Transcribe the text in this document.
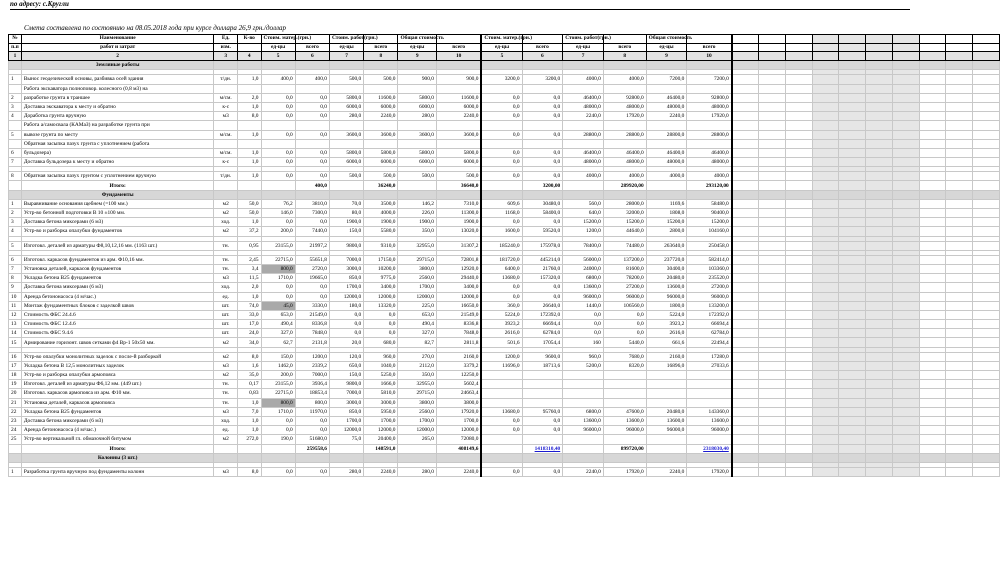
по адресу: с.Кругли
Смета составлена по состоянию на 08.05.2018 года при курсе доллара 26,9 грн./доллар
№	Наименование	Ед.	К-во	Стоим. матер.(грн.)		Стоим. работ(грн.)		Общая стоимость		Стоим. матер.(грн.)		Стоим. работ(грн.)		Общая стоимость											
п.п	работ и затрат	изм.		ед-цы	всего	ед-цы	всего	ед-цы	всего	ед-цы	всего	ед-цы	всего	ед-цы	всего										
1	2	3	4	5	6	7	8	9	10	5	6	7	8	9	10										
	Земляные работы																								

1	Вынос геодезической основы, разбивка осей здания	т/дн.	1,0	400,0	400,0	500,0	500,0	900,0	900,0	3200,0	3200,0	4000,0	4000,0	7200,0	7200,0										
	Работа экскаватора полноповор. колесного (0,8 м3) на																								
2	разработке грунта в траншее	м/см.	2,0	0,0	0,0	5800,0	11600,0	5800,0	11600,0	0,0	0,0	46400,0	92800,0	46400,0	92800,0										
3	Доставка экскаватора к месту и обратно	к-с	1,0	0,0	0,0	6000,0	6000,0	6000,0	6000,0	0,0	0,0	48000,0	48000,0	48000,0	48000,0										
4	Доработка грунта вручную	м3	8,0	0,0	0,0	280,0	2240,0	280,0	2240,0	0,0	0,0	2240,0	17920,0	2240,0	17920,0										
	Работа а/самосвала (КАМаЗ) на разработке грунта при																								
5	вывозе грунта по месту	м/см.	1,0	0,0	0,0	3600,0	3600,0	3600,0	3600,0	0,0	0,0	28800,0	28800,0	28800,0	28800,0										
	Обратная засыпка пазух грунта с уплотнением (работа																								
6	бульдозера)	м/см.	1,0	0,0	0,0	5800,0	5800,0	5800,0	5800,0	0,0	0,0	46400,0	46400,0	46400,0	46400,0										
7	Доставка бульдозера к месту и обратно	к-с	1,0	0,0	0,0	6000,0	6000,0	6000,0	6000,0	0,0	0,0	48000,0	48000,0	48000,0	48000,0										

8	Обратная засыпка пазух грунтом с уплотнением вручную	т/дн.	1,0	0,0	0,0	500,0	500,0	500,0	500,0	0,0	0,0	4000,0	4000,0	4000,0	4000,0										
	Итого:				400,0		36240,0		36640,0		3200,00		289920,00		293120,00										
	Фундаменты																								
1	Выравнивание основания щебнем (=100 мм.)	м2	50,0	76,2	3810,0	70,0	3500,0	146,2	7310,0	609,6	30480,0	560,0	28000,0	1169,6	58480,0										
2	Устр-во бетонной подготовки В 10 ±100 мм.	м2	50,0	146,0	7300,0	80,0	4000,0	226,0	11300,0	1168,0	58400,0	640,0	32000,0	1808,0	90400,0										
3	Доставка бетона миксерами (6 м3)	ход.	1,0	0,0	0,0	1900,0	1900,0	1900,0	1900,0	0,0	0,0	15200,0	15200,0	15200,0	15200,0										
4	Устр-во и разборка опалубки фундаментов	м2	37,2	200,0	7440,0	150,0	5580,0	350,0	13020,0	1600,0	59520,0	1200,0	44640,0	2800,0	104160,0										

5	Изготовл. деталей из арматуры Ф8,10,12,16 мм. (1163 шт.)	тн.	0,95	23155,0	21997,2	9800,0	9310,0	32955,0	31307,2	185240,0	175978,0	78400,0	74480,0	263640,0	250458,0										

6	Изготовл. каркасов фундаментов из арм. Ф10,16 мм.	тн.	2,45	22715,0	55651,8	7000,0	17150,0	29715,0	72801,8	181720,0	445214,0	56000,0	137200,0	237720,0	582414,0										
7	Установка деталей, каркасов фундаментов	тн.	3,4	800,0	2720,0	3000,0	10200,0	3800,0	12920,0	6400,0	21760,0	24000,0	81600,0	30400,0	103360,0										
8	Укладка бетона В25 фундаментов	м3	11,5	1710,0	19665,0	850,0	9775,0	2560,0	29440,0	13680,0	157320,0	6800,0	78200,0	20480,0	235520,0										
9	Доставка бетона миксерами (6 м3)	ход.	2,0	0,0	0,0	1700,0	3400,0	1700,0	3400,0	0,0	0,0	13600,0	27200,0	13600,0	27200,0										
10	Аренда бетононасоса (4 м/час.)	ед.	1,0	0,0	0,0	12000,0	12000,0	12000,0	12000,0	0,0	0,0	96000,0	96000,0	96000,0	96000,0										
11	Монтаж фундаментных блоков с заделкой швов	шт.	74,0	45,0	3330,0	180,0	13320,0	225,0	16650,0	360,0	26640,0	1440,0	106560,0	1800,0	133200,0										
12	Стоимость ФБС 24.4.6	шт.	33,0	653,0	21549,0	0,0	0,0	653,0	21549,0	5224,0	172392,0	0,0	0,0	5224,0	172392,0										
13	Стоимость ФБС 12.4.6	шт.	17,0	490,4	8336,8	0,0	0,0	490,4	8336,8	3923,2	66694,4	0,0	0,0	3923,2	66694,4										
14	Стоимость ФБС 9.4.6	шт.	24,0	327,0	7848,0	0,0	0,0	327,0	7848,0	2616,0	62784,0	0,0	0,0	2616,0	62784,0										
15	Армирование горизонт. швов сетками ф4 Вр-1 50х50 мм.	м2	34,0	62,7	2131,8	20,0	680,0	82,7	2811,8	501,6	17054,4	160	5440,0	661,6	22494,4										

16	Устр-во опалубки монолитных заделок с после-й разборкой	м2	8,0	150,0	1200,0	120,0	960,0	270,0	2160,0	1200,0	9600,0	960,0	7680,0	2160,0	17280,0										
17	Укладка бетона В 12,5 монолитных заделок	м3	1,6	1462,0	2339,2	650,0	1040,0	2112,0	3379,2	11696,0	18713,6	5200,0	8320,0	16896,0	27033,6										
18	Устр-во и разборка опалубки армопояса	м2	35,0	200,0	7000,0	150,0	5250,0	350,0	12250,0																
19	Изготовл. деталей из арматуры Ф6,12 мм. (449 шт.)	тн.	0,17	23155,0	3936,4	9800,0	1666,0	32955,0	5602,4																
20	Изготовл. каркасов армопояса из арм. Ф10 мм.	тн.	0,83	22715,0	18853,4	7000,0	5810,0	29715,0	24663,4																
21	Установка деталей, каркасов армопояса	тн.	1,0	800,0	800,0	3000,0	3000,0	3800,0	3800,0																
22	Укладка бетона В25 фундаментов	м3	7,0	1710,0	11970,0	850,0	5950,0	2560,0	17920,0	13680,0	95760,0	6800,0	47600,0	20480,0	143360,0										
23	Доставка бетона миксерами (6 м3)	ход.	1,0	0,0	0,0	1700,0	1700,0	1700,0	1700,0	0,0	0,0	13600,0	13600,0	13600,0	13600,0										
24	Аренда бетононасоса (4 м/час.)	ед.	1,0	0,0	0,0	12000,0	12000,0	12000,0	12000,0	0,0	0,0	96000,0	96000,0	96000,0	96000,0										
25	Устр-во вертикальной гл. обмазочной битумом	м2	272,0	190,0	51680,0	75,0	20400,0	265,0	72080,0																
	Итого:				259558,6		148591,0		408149,6		1418310,40		899720,00		2318030,40										
	Колонны (3 шт.)																								

1	Разработка грунта вручную под фундаменты колонн	м3	8,0	0,0	0,0	280,0	2240,0	280,0	2240,0	0,0	0,0	2240,0	17920,0	2240,0	17920,0										
